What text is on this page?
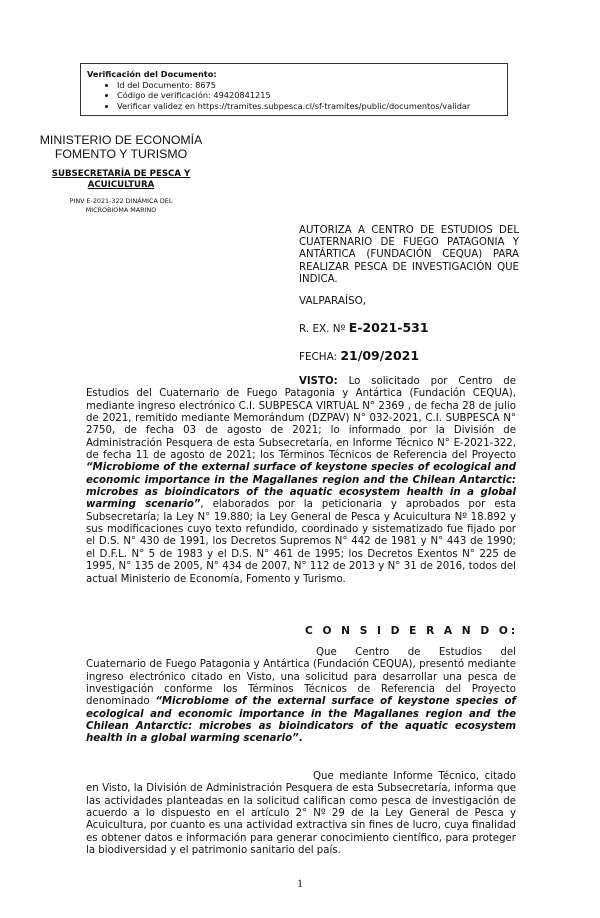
Verificación del Documento:
• Id del Documento: 8675
• Código de verificación: 49420841215
• Verificar validez en https://tramites.subpesca.cl/sf-tramites/public/documentos/validar
MINISTERIO DE ECONOMÍA
FOMENTO Y TURISMO
SUBSECRETARÍA DE PESCA Y
ACUICULTURA
PINV E-2021-322 DINÁMICA DEL
MICROBIOMA MARINO
AUTORIZA A CENTRO DE ESTUDIOS DEL CUATERNARIO DE FUEGO PATAGONIA Y ANTÁRTICA (FUNDACIÓN CEQUA) PARA REALIZAR PESCA DE INVESTIGACIÓN QUE INDICA.
VALPARAÍSO,
R. EX. Nº E-2021-531
FECHA: 21/09/2021
VISTO: Lo solicitado por Centro de Estudios del Cuaternario de Fuego Patagonia y Antártica (Fundación CEQUA), mediante ingreso electrónico C.I. SUBPESCA VIRTUAL N° 2369 , de fecha 28 de julio de 2021, remitido mediante Memorándum (DZPAV) N° 032-2021, C.I. SUBPESCA N° 2750, de fecha 03 de agosto de 2021; lo informado por la División de Administración Pesquera de esta Subsecretaría, en Informe Técnico N° E-2021-322, de fecha 11 de agosto de 2021; los Términos Técnicos de Referencia del Proyecto “Microbiome of the external surface of keystone species of ecological and economic importance in the Magallanes region and the Chilean Antarctic: microbes as bioindicators of the aquatic ecosystem health in a global warming scenario”, elaborados por la peticionaria y aprobados por esta Subsecretaría; la Ley N° 19.880; la Ley General de Pesca y Acuicultura Nº 18.892 y sus modificaciones cuyo texto refundido, coordinado y sistematizado fue fijado por el D.S. N° 430 de 1991, los Decretos Supremos N° 442 de 1981 y N° 443 de 1990; el D.F.L. N° 5 de 1983 y el D.S. N° 461 de 1995; los Decretos Exentos N° 225 de 1995, N° 135 de 2005, N° 434 de 2007, N° 112 de 2013 y N° 31 de 2016, todos del actual Ministerio de Economía, Fomento y Turismo.
C O N S I D E R A N D O:
Que Centro de Estudios del Cuaternario de Fuego Patagonia y Antártica (Fundación CEQUA), presentó mediante ingreso electrónico citado en Visto, una solicitud para desarrollar una pesca de investigación conforme los Términos Técnicos de Referencia del Proyecto denominado “Microbiome of the external surface of keystone species of ecological and economic importance in the Magallanes region and the Chilean Antarctic: microbes as bioindicators of the aquatic ecosystem health in a global warming scenario”.
Que mediante Informe Técnico, citado en Visto, la División de Administración Pesquera de esta Subsecretaría, informa que las actividades planteadas en la solicitud califican como pesca de investigación de acuerdo a lo dispuesto en el artículo 2° Nº 29 de la Ley General de Pesca y Acuicultura, por cuanto es una actividad extractiva sin fines de lucro, cuya finalidad es obtener datos e información para generar conocimiento científico, para proteger la biodiversidad y el patrimonio sanitario del país.
1
